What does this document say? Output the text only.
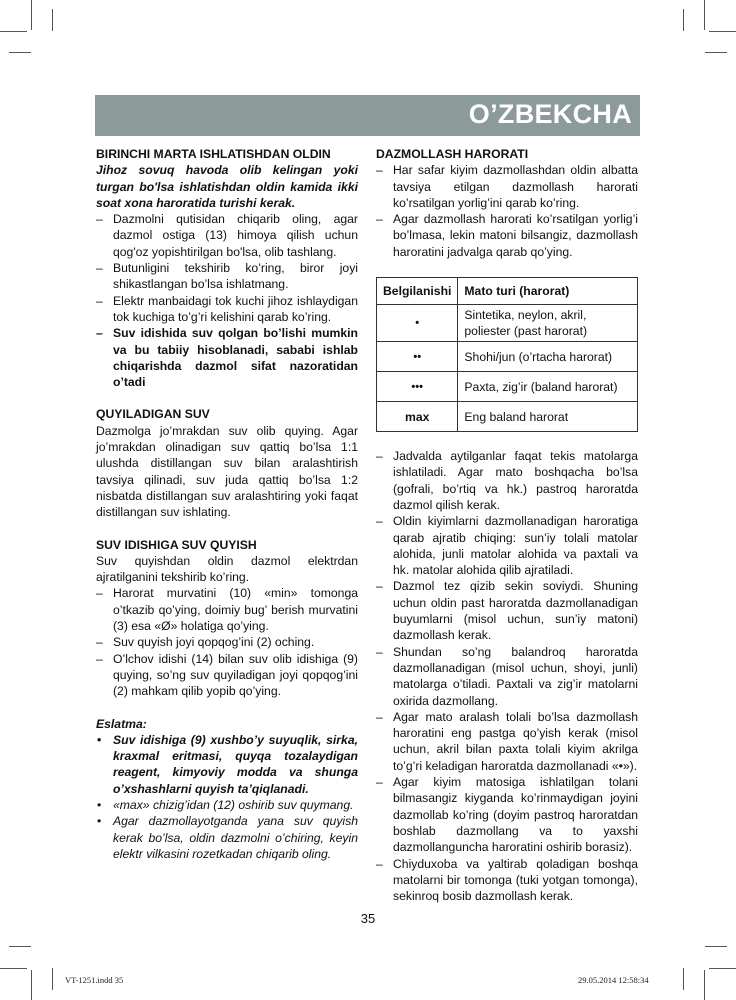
O’ZBEKCHA

BIRINCHI MARTA ISHLATISHDAN OLDIN

Jihoz sovuq havoda olib kelingan yoki turgan bo'lsa ishlatishdan oldin kamida ikki soat xona haroratida turishi kerak.

– Dazmolni qutisidan chiqarib oling, agar dazmol ostiga (13) himoya qilish uchun qog'oz yopishtirilgan bo'lsa, olib tashlang.
– Butunligini tekshirib ko’ring, biror joyi shikastlangan bo’lsa ishlatmang.
– Elektr manbaidagi tok kuchi jihoz ishlaydigan tok kuchiga to’g’ri kelishini qarab ko’ring.
– Suv idishida suv qolgan bo’lishi mumkin va bu tabiiy hisoblanadi, sababi ishlab chiqarishda dazmol sifat nazoratidan o’tadi

QUYILADIGAN SUV

Dazmolga jo’mrakdan suv olib quying. Agar jo’mrakdan olinadigan suv qattiq bo’lsa 1:1 ulushda distillangan suv bilan aralashtirish tavsiya qilinadi, suv juda qattiq bo’lsa 1:2 nisbatda distillangan suv aralashtiring yoki faqat distillangan suv ishlating.

SUV IDISHIGA SUV QUYISH

Suv quyishdan oldin dazmol elektrdan ajratilganini tekshirib ko’ring.

– Harorat murvatini (10) «min» tomonga o’tkazib qo’ying, doimiy bug’ berish murvatini (3) esa «Ø» holatiga qo’ying.
– Suv quyish joyi qopqog’ini (2) oching.
– O’lchov idishi (14) bilan suv olib idishiga (9) quying, so’ng suv quyiladigan joyi qopqog’ini (2) mahkam qilib yopib qo’ying.

Eslatma:

• Suv idishiga (9) xushbo’y suyuqlik, sirka, kraxmal eritmasi, quyqa tozalaydigan reagent, kimyoviy modda va shunga o’xshashlarni quyish ta’qiqlanadi.
• «max» chizig’idan (12) oshirib suv quymang.
• Agar dazmollayotganda yana suv quyish kerak bo’lsa, oldin dazmolni o’chiring, keyin elektr vilkasini rozetkadan chiqarib oling.

DAZMOLLASH HARORATI

– Har safar kiyim dazmollashdan oldin albatta tavsiya etilgan dazmollash harorati ko’rsatilgan yorlig’ini qarab ko’ring.
– Agar dazmollash harorati ko’rsatilgan yorlig’i bo’lmasa, lekin matoni bilsangiz, dazmollash haroratini jadvalga qarab qo’ying.
Belgilanishi	Mato turi (harorat)
•	Sintetika, neylon, akril, poliester (past harorat)
••	Shohi/jun (o’rtacha harorat)
•••	Paxta, zig’ir (baland harorat)
max	Eng baland harorat
– Jadvalda aytilganlar faqat tekis matolarga ishlatiladi. Agar mato boshqacha bo’lsa (gofrali, bo’rtiq va hk.) pastroq haroratda dazmol qilish kerak.
– Oldin kiyimlarni dazmollanadigan haroratiga qarab ajratib chiqing: sun’iy tolali matolar alohida, junli matolar alohida va paxtali va hk. matolar alohida qilib ajratiladi.
– Dazmol tez qizib sekin soviydi. Shuning uchun oldin past haroratda dazmollanadigan buyumlarni (misol uchun, sun’iy matoni) dazmollash kerak.
– Shundan so’ng balandroq haroratda dazmollanadigan (misol uchun, shoyi, junli) matolarga o’tiladi. Paxtali va zig’ir matolarni oxirida dazmollang.
– Agar mato aralash tolali bo’lsa dazmollash haroratini eng pastga qo’yish kerak (misol uchun, akril bilan paxta tolali kiyim akrilga to’g’ri keladigan haroratda dazmollanadi «•»).
– Agar kiyim matosiga ishlatilgan tolani bilmasangiz kiyganda ko’rinmaydigan joyini dazmollab ko’ring (doyim pastroq haroratdan boshlab dazmollang va to yaxshi dazmollanguncha haroratini oshirib borasiz).
– Chiyduxoba va yaltirab qoladigan boshqa matolarni bir tomonga (tuki yotgan tomonga), sekinroq bosib dazmollash kerak.
35
VT-1251.indd 35	29.05.2014 12:58:34
